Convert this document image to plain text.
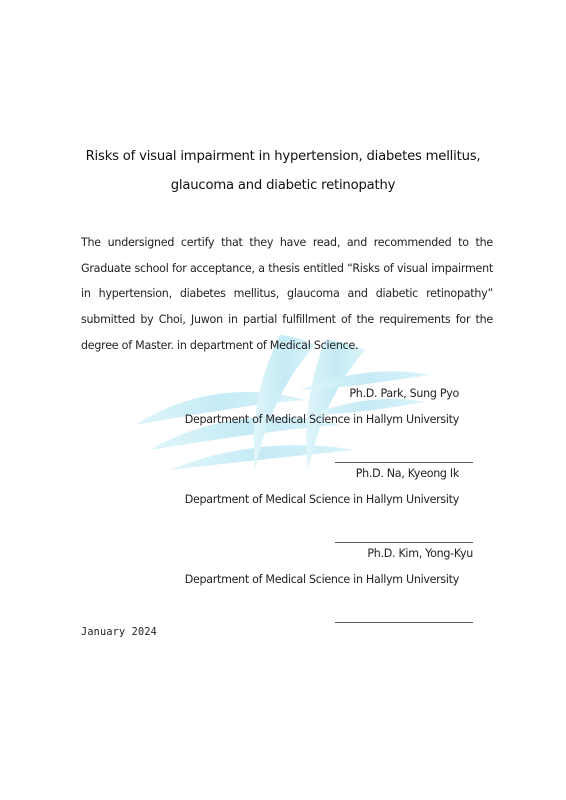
Risks of visual impairment in hypertension, diabetes mellitus,
glaucoma and diabetic retinopathy
The undersigned certify that they have read, and recommended to the Graduate school for acceptance, a thesis entitled “Risks of visual impairment in hypertension, diabetes mellitus, glaucoma and diabetic retinopathy” submitted by Choi, Juwon in partial fulfillment of the requirements for the degree of Master. in department of Medical Science.
Ph.D. Park, Sung Pyo
Department of Medical Science in Hallym University
Ph.D. Na, Kyeong Ik
Department of Medical Science in Hallym University
Ph.D. Kim, Yong-Kyu
Department of Medical Science in Hallym University
January 2024
